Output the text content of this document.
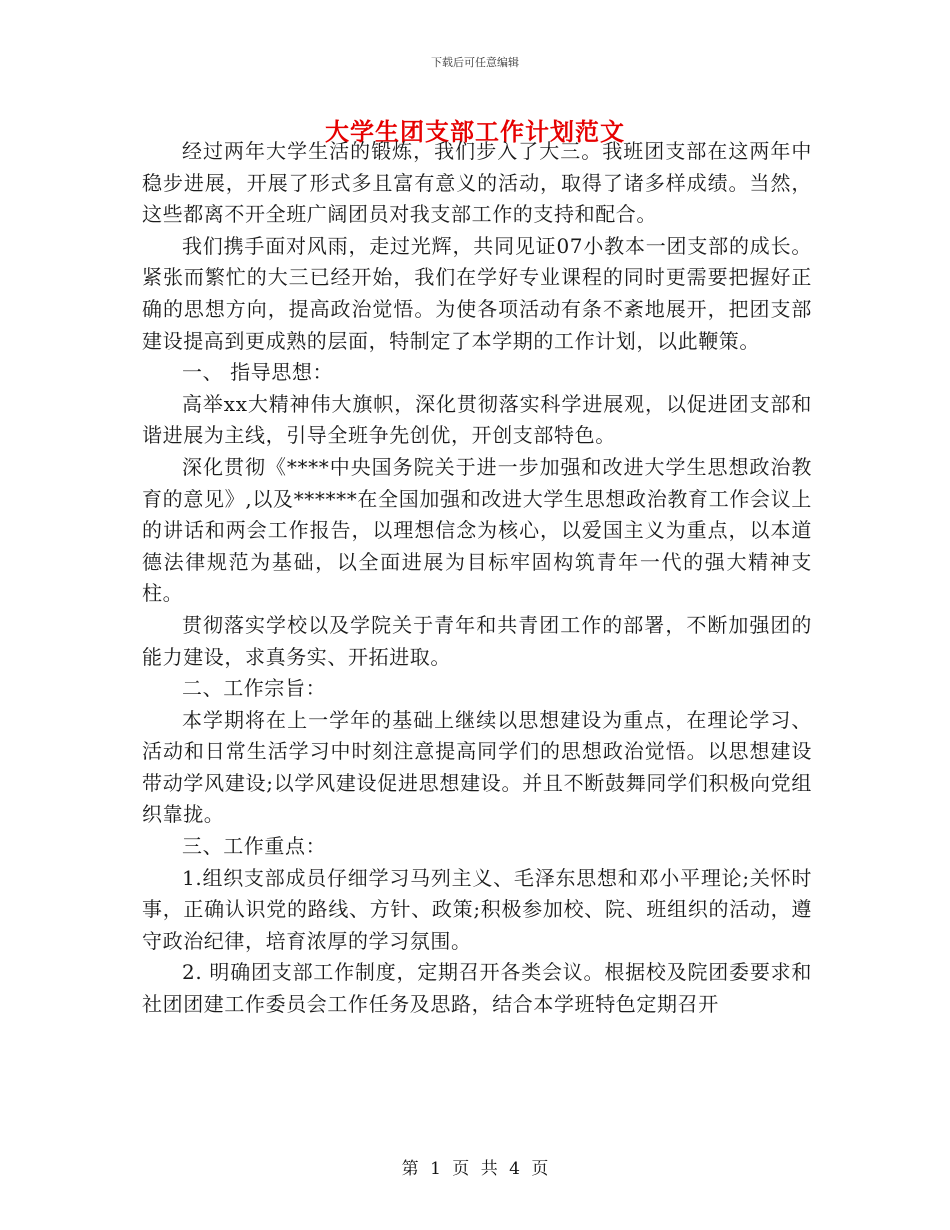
下载后可任意编辑
大学生团支部工作计划范文

经过两年大学生活的锻炼，我们步入了大三。我班团支部在这两年中稳步进展，开展了形式多且富有意义的活动，取得了诸多样成绩。当然，这些都离不开全班广阔团员对我支部工作的支持和配合。

我们携手面对风雨，走过光辉，共同见证07小教本一团支部的成长。紧张而繁忙的大三已经开始，我们在学好专业课程的同时更需要把握好正确的思想方向，提高政治觉悟。为使各项活动有条不紊地展开，把团支部建设提高到更成熟的层面，特制定了本学期的工作计划，以此鞭策。

一、 指导思想：

高举xx大精神伟大旗帜，深化贯彻落实科学进展观，以促进团支部和谐进展为主线，引导全班争先创优，开创支部特色。

深化贯彻《****中央国务院关于进一步加强和改进大学生思想政治教育的意见》,以及******在全国加强和改进大学生思想政治教育工作会议上的讲话和两会工作报告，以理想信念为核心，以爱国主义为重点，以本道德法律规范为基础，以全面进展为目标牢固构筑青年一代的强大精神支柱。

贯彻落实学校以及学院关于青年和共青团工作的部署，不断加强团的能力建设，求真务实、开拓进取。

二、工作宗旨：

本学期将在上一学年的基础上继续以思想建设为重点，在理论学习、活动和日常生活学习中时刻注意提高同学们的思想政治觉悟。以思想建设带动学风建设;以学风建设促进思想建设。并且不断鼓舞同学们积极向党组织靠拢。

三、工作重点：

1.组织支部成员仔细学习马列主义、毛泽东思想和邓小平理论;关怀时事，正确认识党的路线、方针、政策;积极参加校、院、班组织的活动，遵守政治纪律，培育浓厚的学习氛围。

2. 明确团支部工作制度，定期召开各类会议。根据校及院团委要求和社团团建工作委员会工作任务及思路，结合本学班特色定期召开

第 1 页 共 4 页
